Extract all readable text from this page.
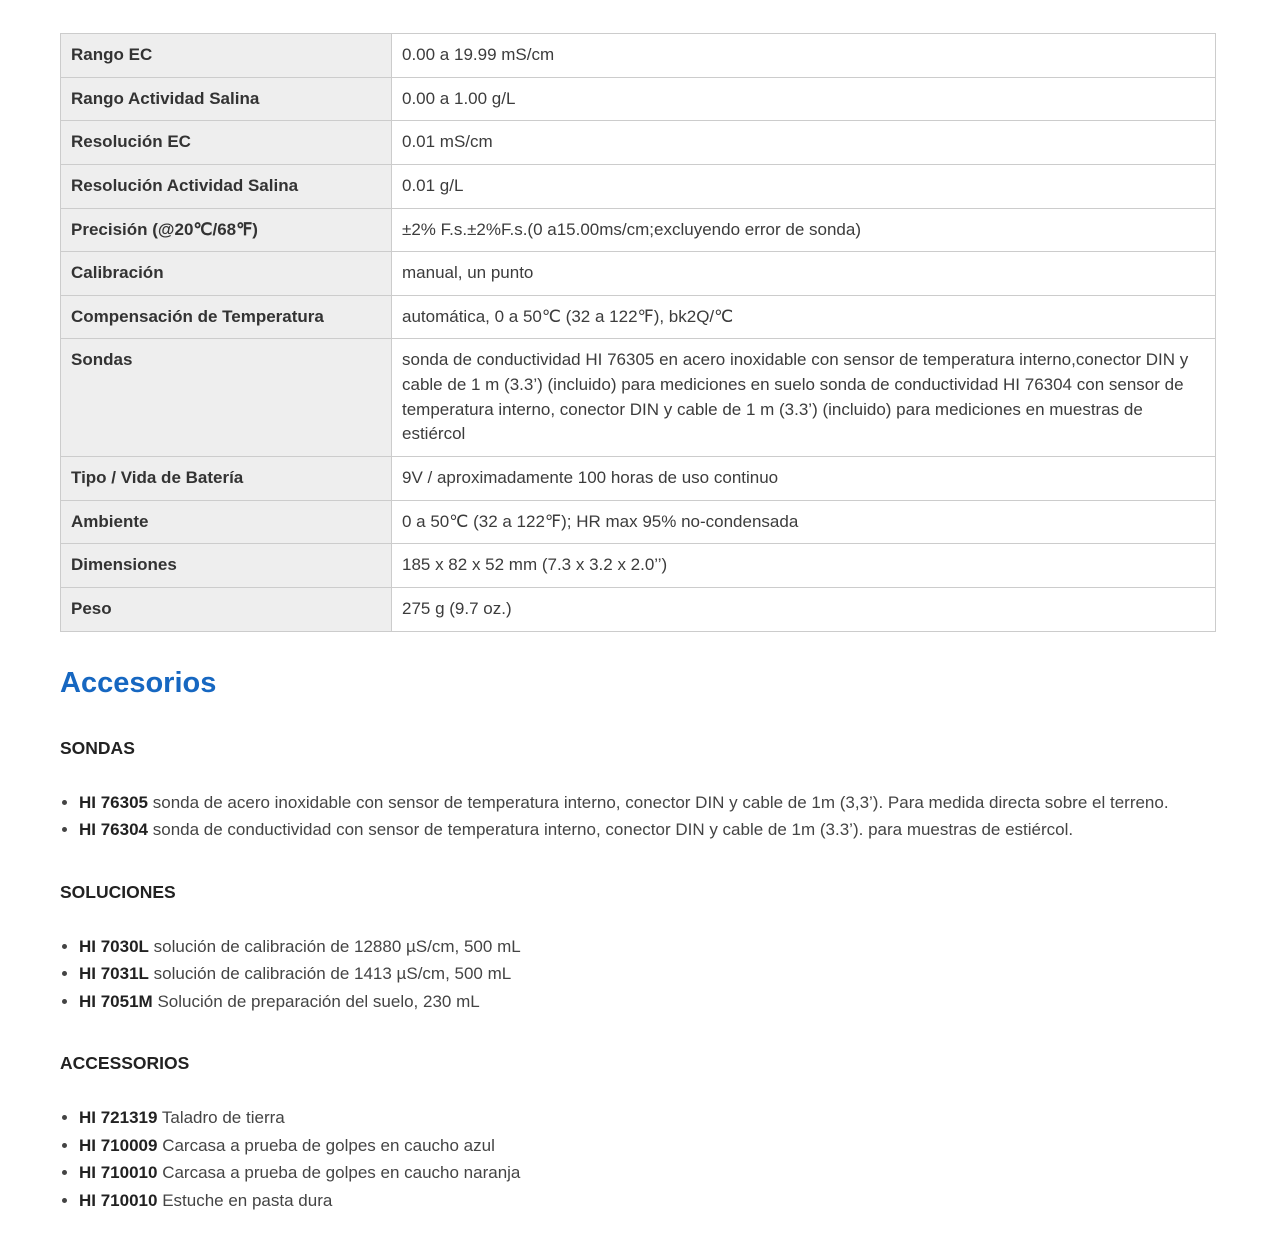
Rango EC	0.00 a 19.99 mS/cm
Rango Actividad Salina	0.00 a 1.00 g/L
Resolución EC	0.01 mS/cm
Resolución Actividad Salina	0.01 g/L
Precisión (@20℃/68℉)	±2% F.s.±2%F.s.(0 a15.00ms/cm;excluyendo error de sonda)
Calibración	manual, un punto
Compensación de Temperatura	automática, 0 a 50℃ (32 a 122℉), bk2Q/℃
Sondas	sonda de conductividad HI 76305 en acero inoxidable con sensor de temperatura interno,conector DIN y cable de 1 m (3.3’) (incluido) para mediciones en suelo sonda de conductividad HI 76304 con sensor de temperatura interno, conector DIN y cable de 1 m (3.3’) (incluido) para mediciones en muestras de estiércol
Tipo / Vida de Batería	9V / aproximadamente 100 horas de uso continuo
Ambiente	0 a 50℃ (32 a 122℉); HR max 95% no-condensada
Dimensiones	185 x 82 x 52 mm (7.3 x 3.2 x 2.0’’)
Peso	275 g (9.7 oz.)
Accesorios
SONDAS
• HI 76305 sonda de acero inoxidable con sensor de temperatura interno, conector DIN y cable de 1m (3,3’). Para medida directa sobre el terreno.
• HI 76304 sonda de conductividad con sensor de temperatura interno, conector DIN y cable de 1m (3.3’). para muestras de estiércol.
SOLUCIONES
• HI 7030L solución de calibración de 12880 µS/cm, 500 mL
• HI 7031L solución de calibración de 1413 µS/cm, 500 mL
• HI 7051M Solución de preparación del suelo, 230 mL
ACCESSORIOS
• HI 721319 Taladro de tierra
• HI 710009 Carcasa a prueba de golpes en caucho azul
• HI 710010 Carcasa a prueba de golpes en caucho naranja
• HI 710010 Estuche en pasta dura
